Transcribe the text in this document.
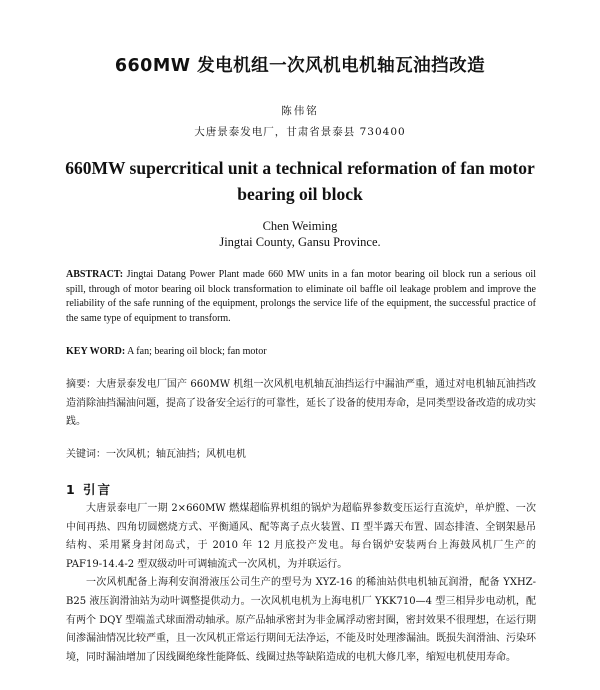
660MW 发电机组一次风机电机轴瓦油挡改造
陈伟铭
大唐景泰发电厂，甘肃省景泰县 730400
660MW supercritical unit a technical reformation of fan motor bearing oil block
Chen Weiming
Jingtai County, Gansu Province.
ABSTRACT: Jingtai Datang Power Plant made 660 MW units in a fan motor bearing oil block run a serious oil spill, through of motor bearing oil block transformation to eliminate oil baffle oil leakage problem and improve the reliability of the safe running of the equipment, prolongs the service life of the equipment, the successful practice of the same type of equipment to transform.
KEY WORD: A fan; bearing oil block; fan motor
摘要：大唐景泰发电厂国产 660MW 机组一次风机电机轴瓦油挡运行中漏油严重，通过对电机轴瓦油挡改造消除油挡漏油问题，提高了设备安全运行的可靠性，延长了设备的使用寿命，是同类型设备改造的成功实践。
关键词：一次风机；轴瓦油挡；风机电机
1 引言

大唐景泰电厂一期 2×660MW 燃煤超临界机组的锅炉为超临界参数变压运行直流炉，单炉膛、一次中间再热、四角切圆燃烧方式、平衡通风、配等离子点火装置、Π 型半露天布置、固态排渣、全钢架悬吊结构、采用紧身封闭岛式，于 2010 年 12 月底投产发电。每台锅炉安装两台上海鼓风机厂生产的 PAF19-14.4-2 型双级动叶可调轴流式一次风机，为并联运行。

一次风机配备上海利安润滑液压公司生产的型号为 XYZ-16 的稀油站供电机轴瓦润滑，配备 YXHZ-B25 液压润滑油站为动叶调整提供动力。一次风机电机为上海电机厂 YKK710—4 型三相异步电动机，配有两个 DQY 型端盖式球面滑动轴承。原产品轴承密封为非金属浮动密封圈，密封效果不很理想，在运行期间渗漏油情况比较严重，且一次风机正常运行期间无法净运，不能及时处理渗漏油。既损失润滑油、污染环境，同时漏油增加了因线圈绝缘性能降低、线圈过热等缺陷造成的电机大修几率，缩短电机使用寿命。
